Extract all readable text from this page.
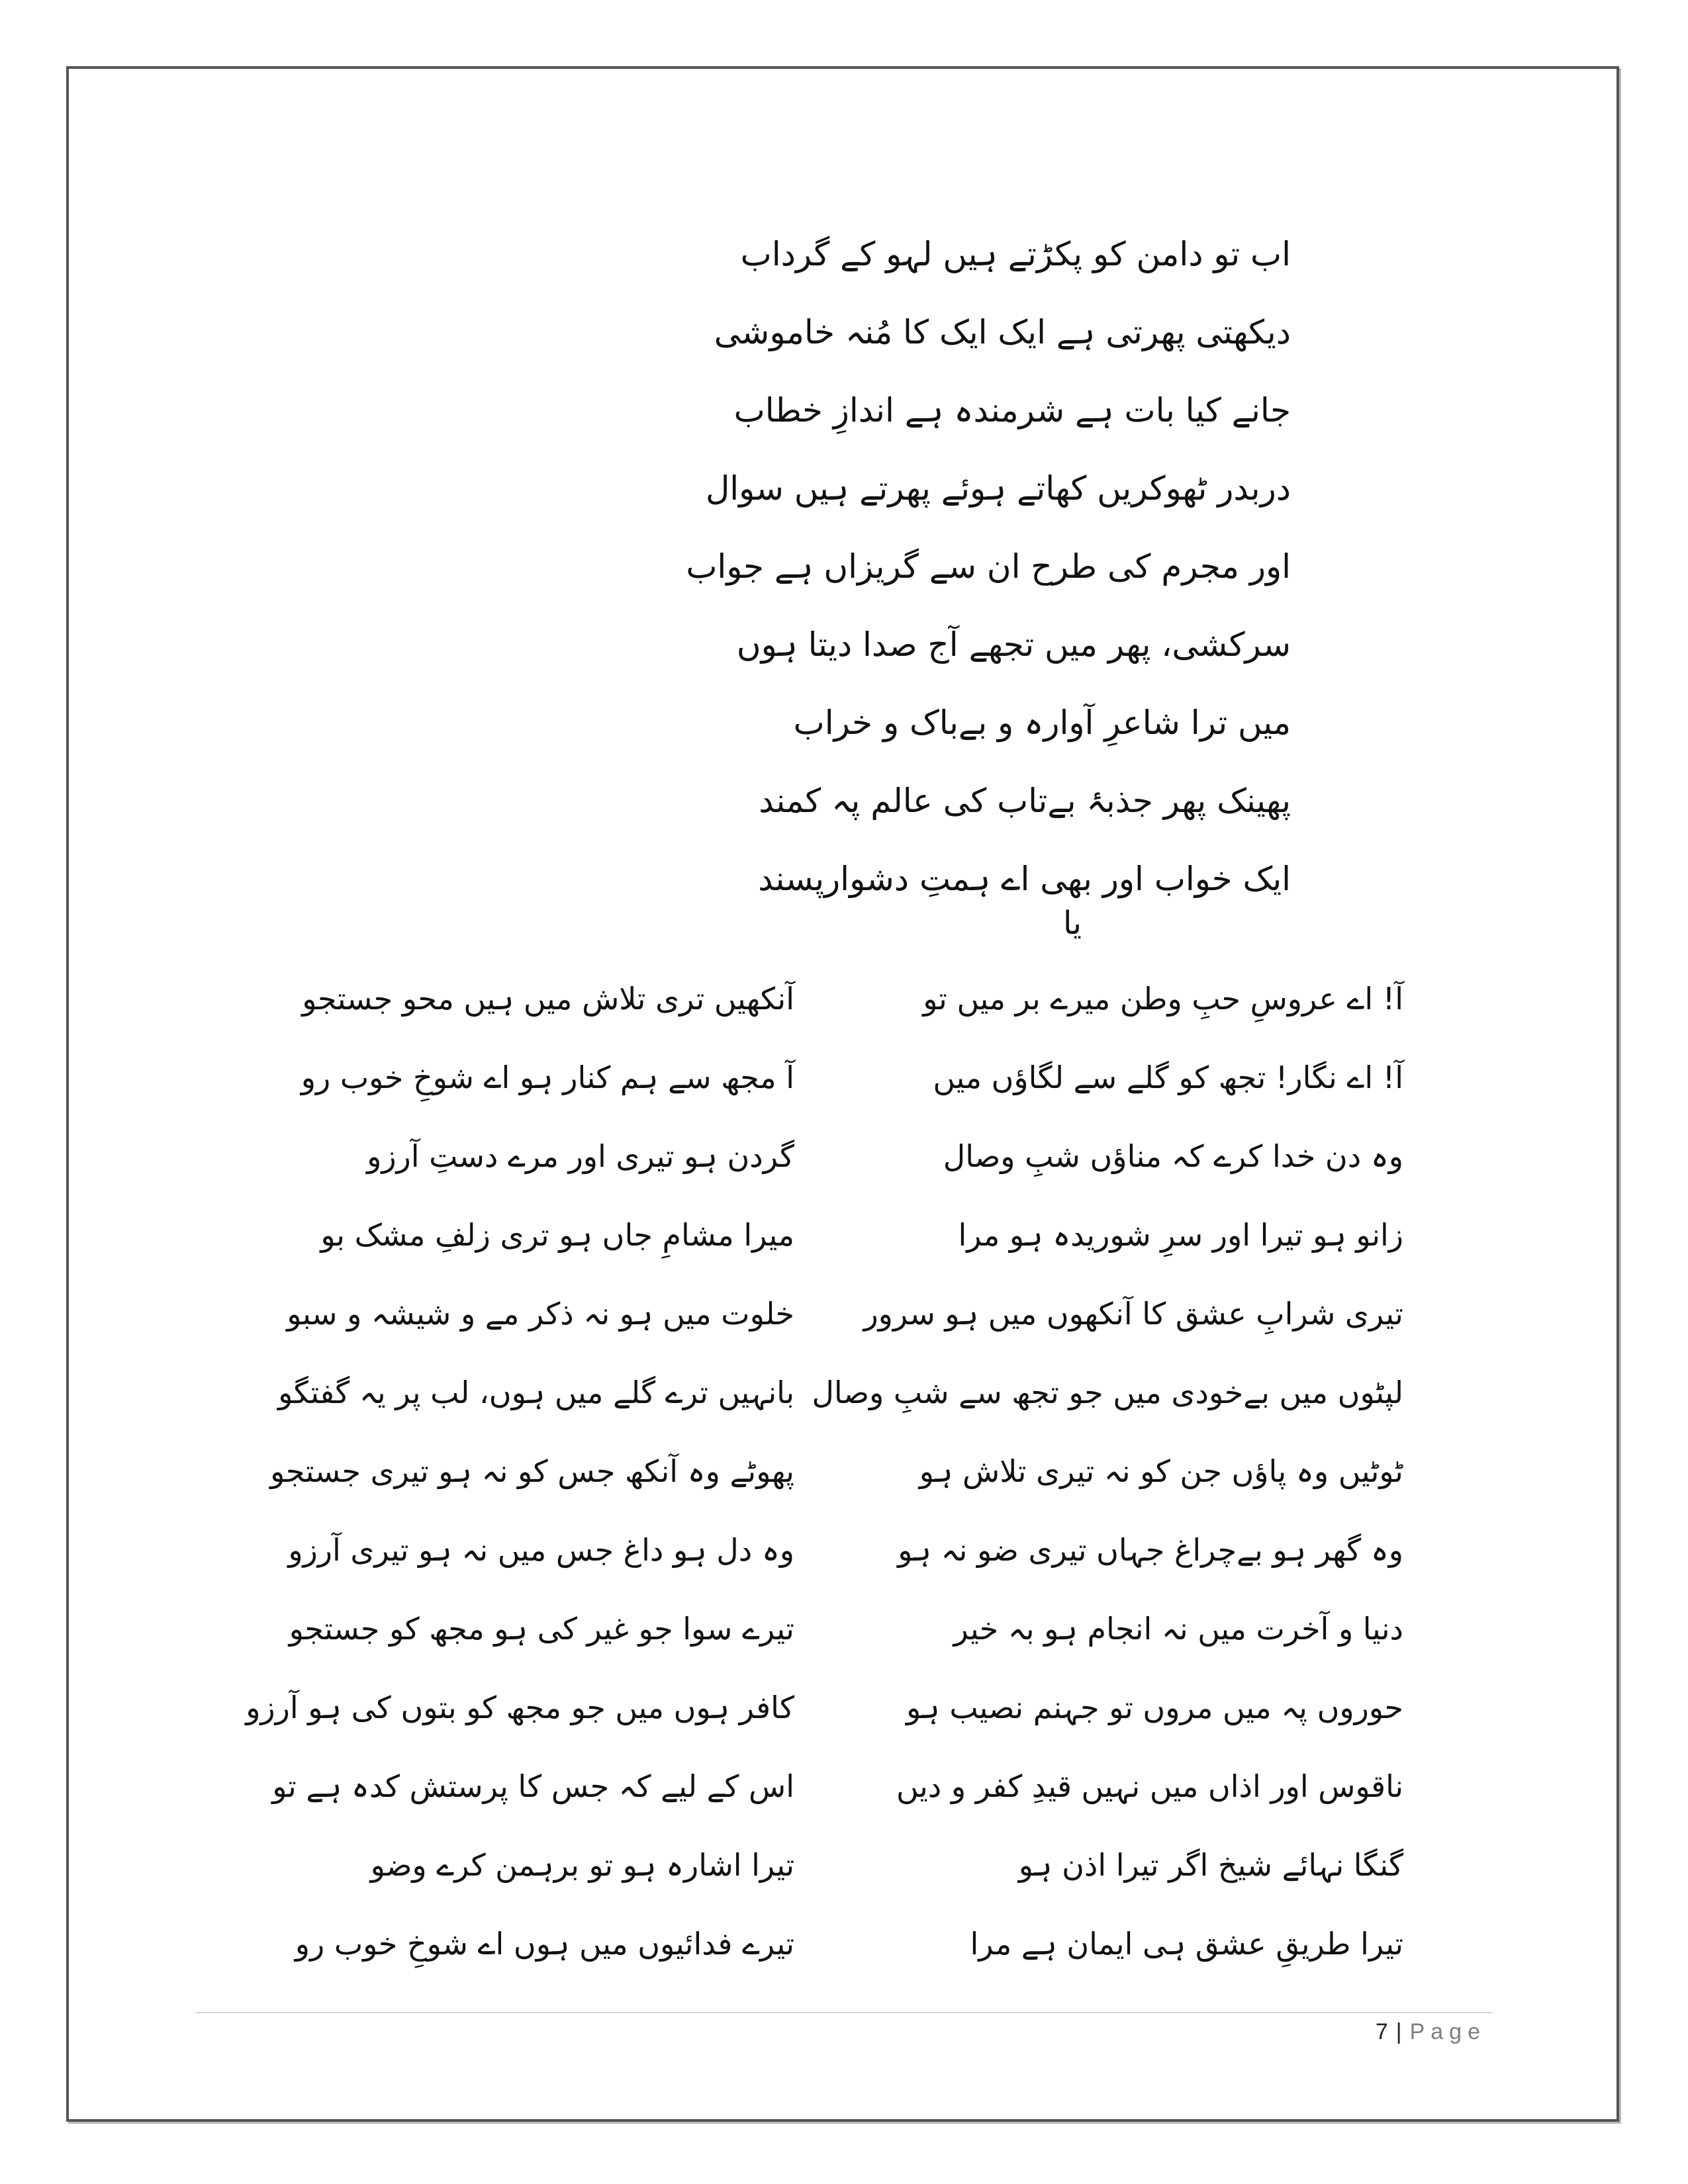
اب تو دامن کو پکڑتے ہیں لہو کے گرداب
دیکھتی پھرتی ہے ایک ایک کا مُنہ خاموشی
جانے کیا بات ہے شرمندہ ہے اندازِ خطاب
دربدر ٹھوکریں کھاتے ہوئے پھرتے ہیں سوال
اور مجرم کی طرح ان سے گریزاں ہے جواب
سرکشی، پھر میں تجھے آج صدا دیتا ہوں
میں ترا شاعرِ آوارہ و بےباک و خراب
پھینک پھر جذبۂ بےتاب کی عالم پہ کمند
ایک خواب اور بھی اے ہمتِ دشوارپسند
یا
آ! اے عروسِ حبِ وطن میرے بر میں تو
آ! اے نگار! تجھ کو گلے سے لگاؤں میں
وہ دن خدا کرے کہ مناؤں شبِ وصال
زانو ہو تیرا اور سرِ شوریدہ ہو مرا
تیری شرابِ عشق کا آنکھوں میں ہو سرور
لپٹوں میں بےخودی میں جو تجھ سے شبِ وصال
ٹوٹیں وہ پاؤں جن کو نہ تیری تلاش ہو
وہ گھر ہو بےچراغ جہاں تیری ضو نہ ہو
دنیا و آخرت میں نہ انجام ہو بہ خیر
حوروں پہ میں مروں تو جہنم نصیب ہو
ناقوس اور اذاں میں نہیں قیدِ کفر و دیں
گنگا نہائے شیخ اگر تیرا اذن ہو
تیرا طریقِ عشق ہی ایمان ہے مرا
آنکھیں تری تلاش میں ہیں محو جستجو
آ مجھ سے ہم کنار ہو اے شوخِ خوب رو
گردن ہو تیری اور مرے دستِ آرزو
میرا مشامِ جاں ہو تری زلفِ مشک بو
خلوت میں ہو نہ ذکر مے و شیشہ و سبو
بانہیں ترے گلے میں ہوں، لب پر یہ گفتگو
پھوٹے وہ آنکھ جس کو نہ ہو تیری جستجو
وہ دل ہو داغ جس میں نہ ہو تیری آرزو
تیرے سوا جو غیر کی ہو مجھ کو جستجو
کافر ہوں میں جو مجھ کو بتوں کی ہو آرزو
اس کے لیے کہ جس کا پرستش کدہ ہے تو
تیرا اشارہ ہو تو برہمن کرے وضو
تیرے فدائیوں میں ہوں اے شوخِ خوب رو
7 | Page
